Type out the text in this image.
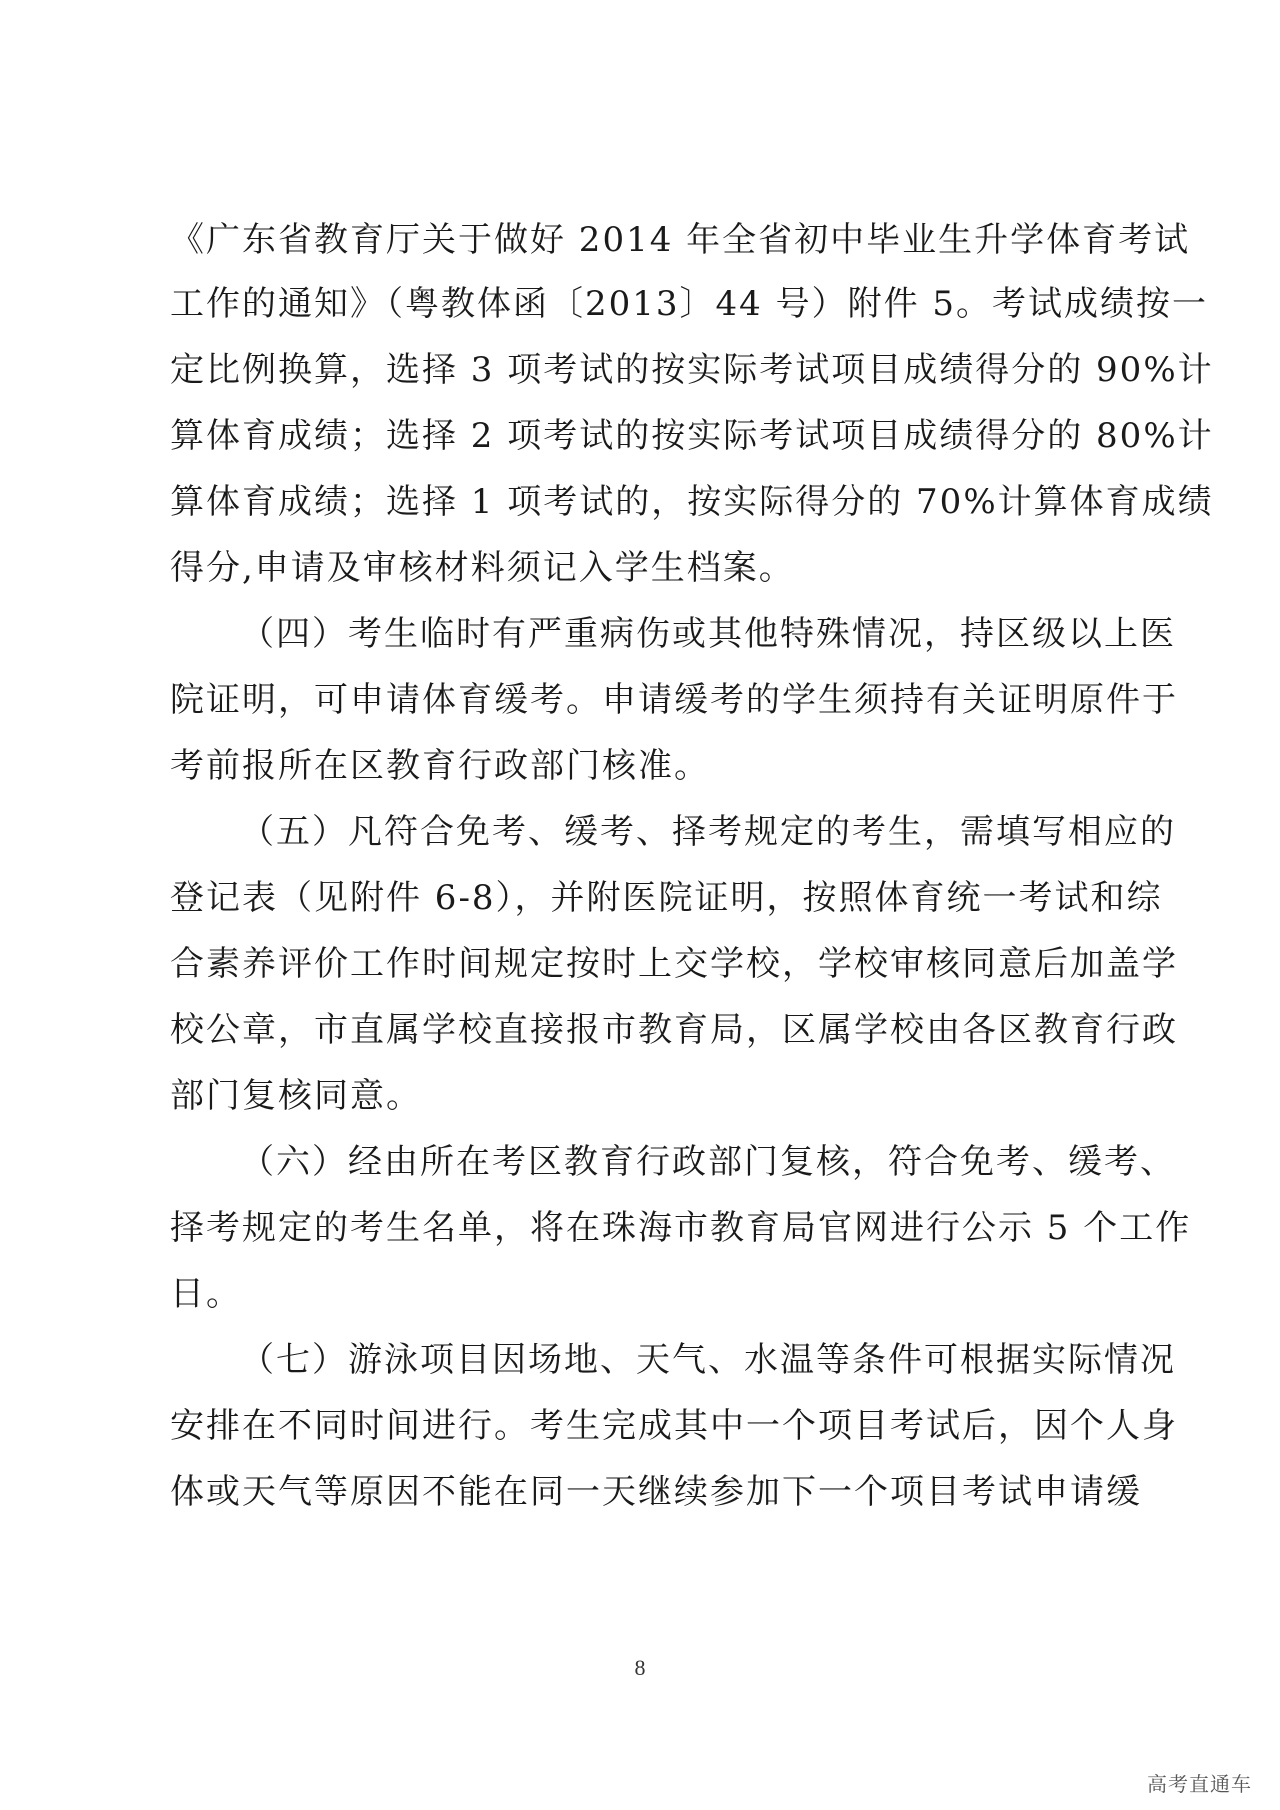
《广东省教育厅关于做好 2014 年全省初中毕业生升学体育考试
工作的通知》（粤教体函〔2013〕44 号）附件 5。考试成绩按一
定比例换算，选择 3 项考试的按实际考试项目成绩得分的 90%计
算体育成绩；选择 2 项考试的按实际考试项目成绩得分的 80%计
算体育成绩；选择 1 项考试的，按实际得分的 70%计算体育成绩
得分,申请及审核材料须记入学生档案。
（四）考生临时有严重病伤或其他特殊情况，持区级以上医
院证明，可申请体育缓考。申请缓考的学生须持有关证明原件于
考前报所在区教育行政部门核准。
（五）凡符合免考、缓考、择考规定的考生，需填写相应的
登记表（见附件 6-8），并附医院证明，按照体育统一考试和综
合素养评价工作时间规定按时上交学校，学校审核同意后加盖学
校公章，市直属学校直接报市教育局，区属学校由各区教育行政
部门复核同意。
（六）经由所在考区教育行政部门复核，符合免考、缓考、
择考规定的考生名单，将在珠海市教育局官网进行公示 5 个工作
日。
（七）游泳项目因场地、天气、水温等条件可根据实际情况
安排在不同时间进行。考生完成其中一个项目考试后，因个人身
体或天气等原因不能在同一天继续参加下一个项目考试申请缓
8
高考直通车
